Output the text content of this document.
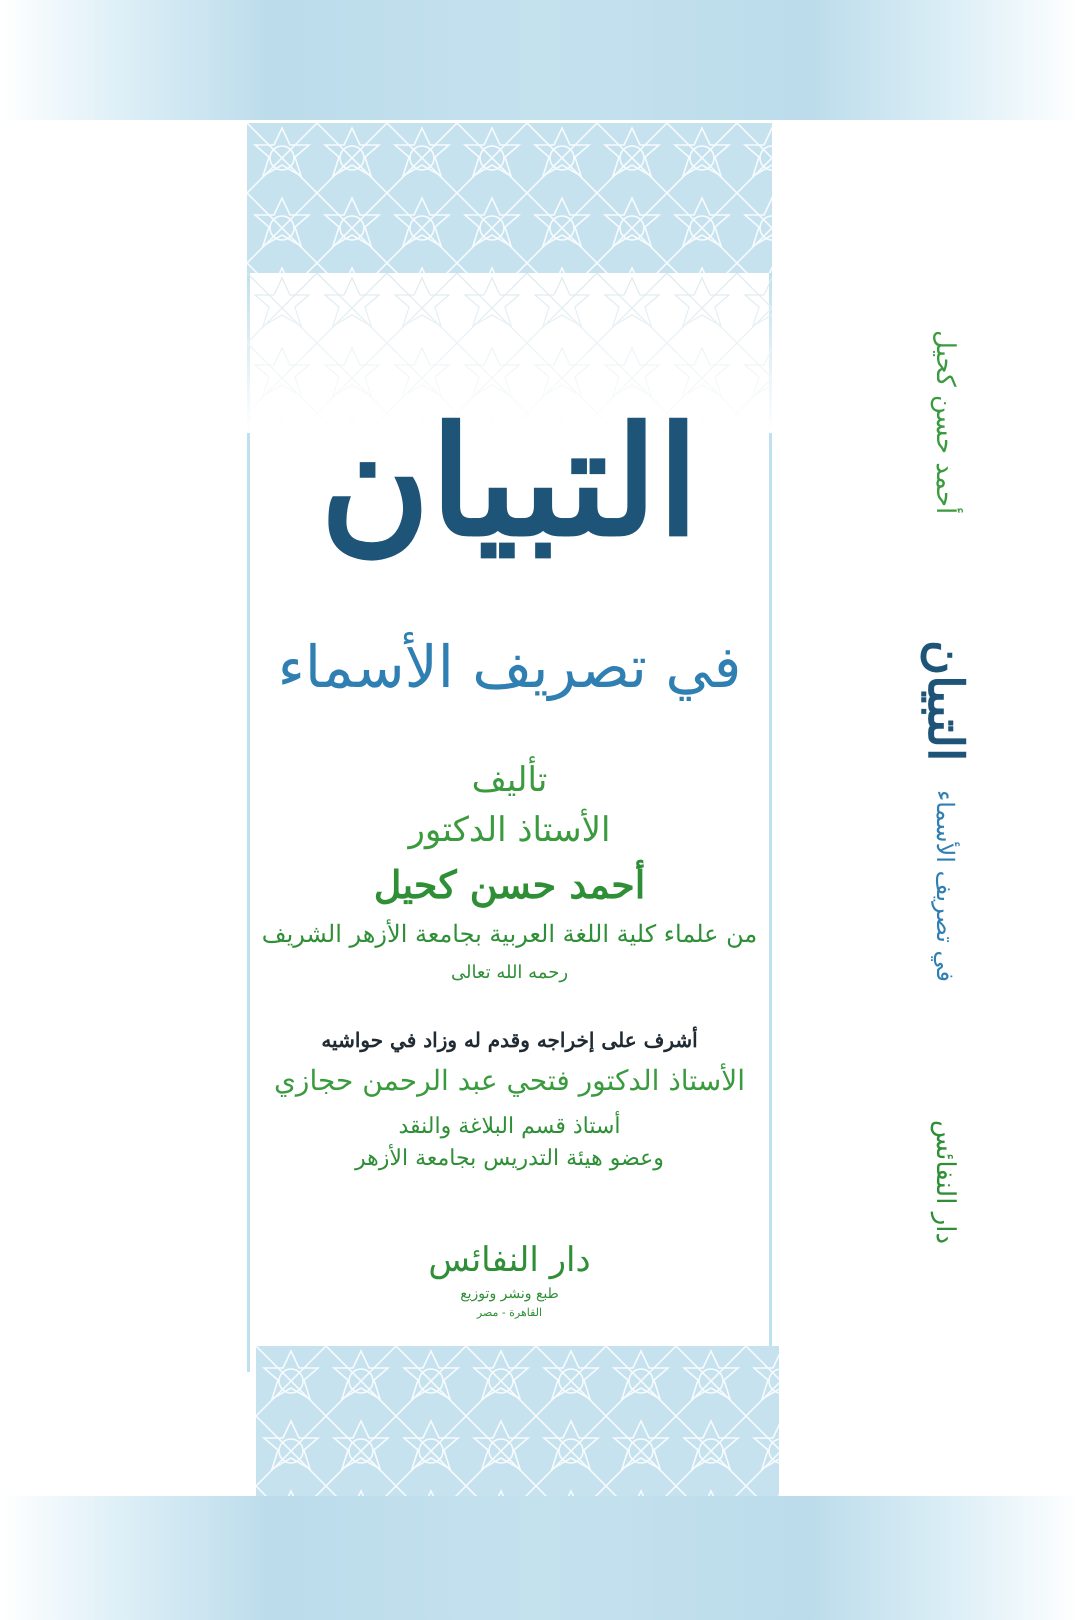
التبيان
في تصريف الأسماء
تأليف
الأستاذ الدكتور
أحمد حسن كحيل
من علماء كلية اللغة العربية بجامعة الأزهر الشريف
رحمه الله تعالى
أشرف على إخراجه وقدم له وزاد في حواشيه
الأستاذ الدكتور فتحي عبد الرحمن حجازي
أستاذ قسم البلاغة والنقد
وعضو هيئة التدريس بجامعة الأزهر
دار النفائس
طبع ونشر وتوزيع
القاهرة - مصر
أحمد حسن كحيل
التبيان
في تصريف الأسماء
دار النفائس
